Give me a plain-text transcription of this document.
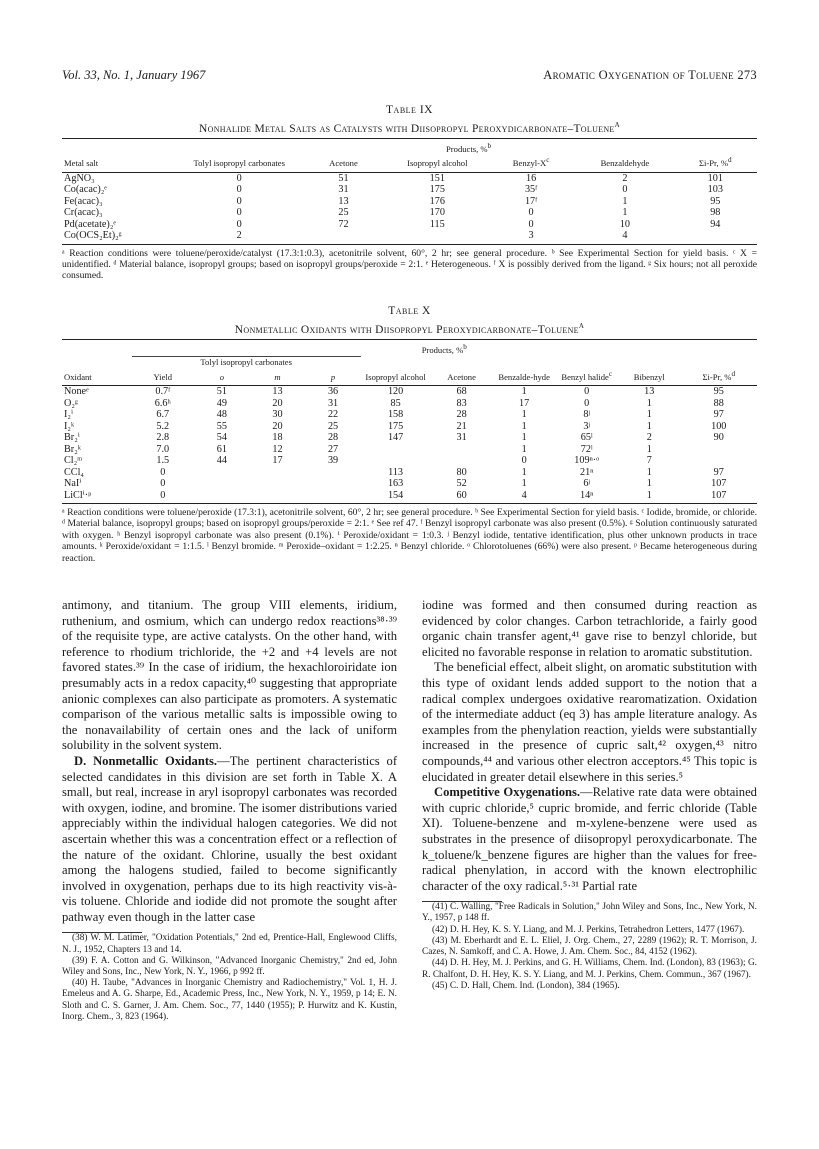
Vol. 33, No. 1, January 1967	Aromatic Oxygenation of Toluene 273
Table IX
Nonhalide Metal Salts as Catalysts with Diisopropyl Peroxydicarbonate–Toluene$^a$
	Products, %$^b$
Metal salt	Tolyl isopropyl carbonates	Acetone	Isopropyl alcohol	Benzyl-$X^c$	Benzaldehyde	Σi-Pr, %$^d$
AgNO₃	0	51	151	16	2	101
Co(acac)₂ᵉ	0	31	175	35ᶠ	0	103
Fe(acac)₃	0	13	176	17ᶠ	1	95
Cr(acac)₃	0	25	170	0	1	98
Pd(acetate)₂ᵉ	0	72	115	0	10	94
Co(OCS₂Et)₂ᵍ	2			3	4	
ᵃ Reaction conditions were toluene/peroxide/catalyst (17.3:1:0.3), acetonitrile solvent, 60°, 2 hr; see general procedure. ᵇ See Experimental Section for yield basis. ᶜ X = unidentified. ᵈ Material balance, isopropyl groups; based on isopropyl groups/peroxide = 2:1. ᵉ Heterogeneous. ᶠ X is possibly derived from the ligand. ᵍ Six hours; not all peroxide consumed.
Table X
Nonmetallic Oxidants with Diisopropyl Peroxydicarbonate–Toluene$^a$
	Products, %$^b$
	Tolyl isopropyl carbonates									
Oxidant	Yield	o	m	p	Isopropyl alcohol	Acetone	Benzalde-hyde	Benzyl halide$^c$	Bibenzyl	Σi-Pr, %$^d$
Noneᵉ	0.7ᶠ	51	13	36	120	68	1	0	13	95
O₂ᵍ	6.6ʰ	49	20	31	85	83	17	0	1	88
I₂ⁱ	6.7	48	30	22	158	28	1	8ʲ	1	97
I₂ᵏ	5.2	55	20	25	175	21	1	3ʲ	1	100
Br₂ⁱ	2.8	54	18	28	147	31	1	65ˡ	2	90
Br₂ᵏ	7.0	61	12	27			1	72ˡ	1	
Cl₂ᵐ	1.5	44	17	39			0	109ⁿ·ᵒ	7	
CCl₄	0				113	80	1	21ⁿ	1	97
NaIⁱ	0				163	52	1	6ʲ	1	107
LiClⁱ·ᵖ	0				154	60	4	14ⁿ	1	107
ᵃ Reaction conditions were toluene/peroxide (17.3:1), acetonitrile solvent, 60°, 2 hr; see general procedure. ᵇ See Experimental Section for yield basis. ᶜ Iodide, bromide, or chloride. ᵈ Material balance, isopropyl groups; based on isopropyl groups/peroxide = 2:1. ᵉ See ref 47. ᶠ Benzyl isopropyl carbonate was also present (0.5%). ᵍ Solution continuously saturated with oxygen. ʰ Benzyl isopropyl carbonate was also present (0.1%). ⁱ Peroxide/oxidant = 1:0.3. ʲ Benzyl iodide, tentative identification, plus other unknown products in trace amounts. ᵏ Peroxide/oxidant = 1:1.5. ˡ Benzyl bromide. ᵐ Peroxide–oxidant = 1:2.25. ⁿ Benzyl chloride. ᵒ Chlorotoluenes (66%) were also present. ᵖ Became heterogeneous during reaction.

antimony, and titanium. The group VIII elements, iridium, ruthenium, and osmium, which can undergo redox reactions³⁸·³⁹ of the requisite type, are active catalysts. On the other hand, with reference to rhodium trichloride, the +2 and +4 levels are not favored states.³⁹ In the case of iridium, the hexachloroiridate ion presumably acts in a redox capacity,⁴⁰ suggesting that appropriate anionic complexes can also participate as promoters. A systematic comparison of the various metallic salts is impossible owing to the nonavailability of certain ones and the lack of uniform solubility in the solvent system.

D. Nonmetallic Oxidants.—The pertinent characteristics of selected candidates in this division are set forth in Table X. A small, but real, increase in aryl isopropyl carbonates was recorded with oxygen, iodine, and bromine. The isomer distributions varied appreciably within the individual halogen categories. We did not ascertain whether this was a concentration effect or a reflection of the nature of the oxidant. Chlorine, usually the best oxidant among the halogens studied, failed to become significantly involved in oxygenation, perhaps due to its high reactivity vis-à-vis toluene. Chloride and iodide did not promote the sought after pathway even though in the latter case

(38) W. M. Latimer, "Oxidation Potentials," 2nd ed, Prentice-Hall, Englewood Cliffs, N. J., 1952, Chapters 13 and 14.
(39) F. A. Cotton and G. Wilkinson, "Advanced Inorganic Chemistry," 2nd ed, John Wiley and Sons, Inc., New York, N. Y., 1966, p 992 ff.
(40) H. Taube, "Advances in Inorganic Chemistry and Radiochemistry," Vol. 1, H. J. Emeleus and A. G. Sharpe, Ed., Academic Press, Inc., New York, N. Y., 1959, p 14; E. N. Sloth and C. S. Garner, J. Am. Chem. Soc., 77, 1440 (1955); P. Hurwitz and K. Kustin, Inorg. Chem., 3, 823 (1964).

iodine was formed and then consumed during reaction as evidenced by color changes. Carbon tetrachloride, a fairly good organic chain transfer agent,⁴¹ gave rise to benzyl chloride, but elicited no favorable response in relation to aromatic substitution.

The beneficial effect, albeit slight, on aromatic substitution with this type of oxidant lends added support to the notion that a radical complex undergoes oxidative rearomatization. Oxidation of the intermediate adduct (eq 3) has ample literature analogy. As examples from the phenylation reaction, yields were substantially increased in the presence of cupric salt,⁴² oxygen,⁴³ nitro compounds,⁴⁴ and various other electron acceptors.⁴⁵ This topic is elucidated in greater detail elsewhere in this series.⁵

Competitive Oxygenations.—Relative rate data were obtained with cupric chloride,⁵ cupric bromide, and ferric chloride (Table XI). Toluene-benzene and m-xylene-benzene were used as substrates in the presence of diisopropyl peroxydicarbonate. The k_toluene/k_benzene figures are higher than the values for free-radical phenylation, in accord with the known electrophilic character of the oxy radical.⁵·³¹ Partial rate

(41) C. Walling, "Free Radicals in Solution," John Wiley and Sons, Inc., New York, N. Y., 1957, p 148 ff.
(42) D. H. Hey, K. S. Y. Liang, and M. J. Perkins, Tetrahedron Letters, 1477 (1967).
(43) M. Eberhardt and E. L. Eliel, J. Org. Chem., 27, 2289 (1962); R. T. Morrison, J. Cazes, N. Samkoff, and C. A. Howe, J. Am. Chem. Soc., 84, 4152 (1962).
(44) D. H. Hey, M. J. Perkins, and G. H. Williams, Chem. Ind. (London), 83 (1963); G. R. Chalfont, D. H. Hey, K. S. Y. Liang, and M. J. Perkins, Chem. Commun., 367 (1967).
(45) C. D. Hall, Chem. Ind. (London), 384 (1965).
